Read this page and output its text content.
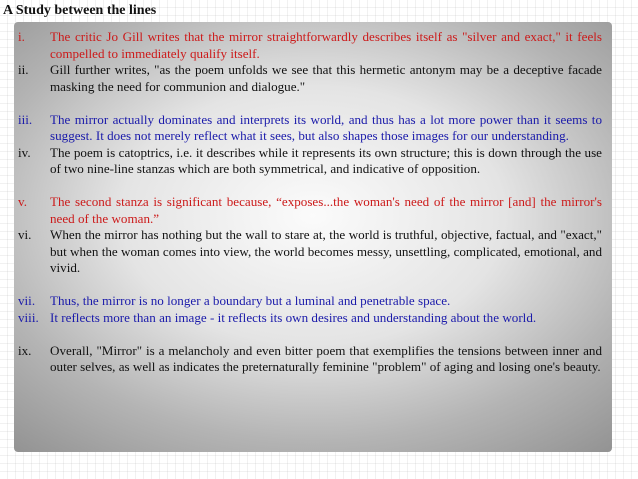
A Study between the lines
i.	The critic Jo Gill writes that the mirror straightforwardly describes itself as "silver and exact," it feels compelled to immediately qualify itself.
ii.	Gill further writes, "as the poem unfolds we see that this hermetic antonym may be a deceptive facade masking the need for communion and dialogue."
iii.	The mirror actually dominates and interprets its world, and thus has a lot more power than it seems to suggest. It does not merely reflect what it sees, but also shapes those images for our understanding.
iv.	The poem is catoptrics, i.e. it describes while it represents its own structure; this is down through the use of two nine-line stanzas which are both symmetrical, and indicative of opposition.
v.	The second stanza is significant because, “exposes...the woman's need of the mirror [and] the mirror's need of the woman.”
vi.	When the mirror has nothing but the wall to stare at, the world is truthful, objective, factual, and "exact," but when the woman comes into view, the world becomes messy, unsettling, complicated, emotional, and vivid.
vii.	Thus, the mirror is no longer a boundary but a luminal and penetrable space.
viii. It reflects more than an image - it reflects its own desires and understanding about the world.
ix.	Overall, "Mirror" is a melancholy and even bitter poem that exemplifies the tensions between inner and outer selves, as well as indicates the preternaturally feminine "problem" of aging and losing one's beauty.
